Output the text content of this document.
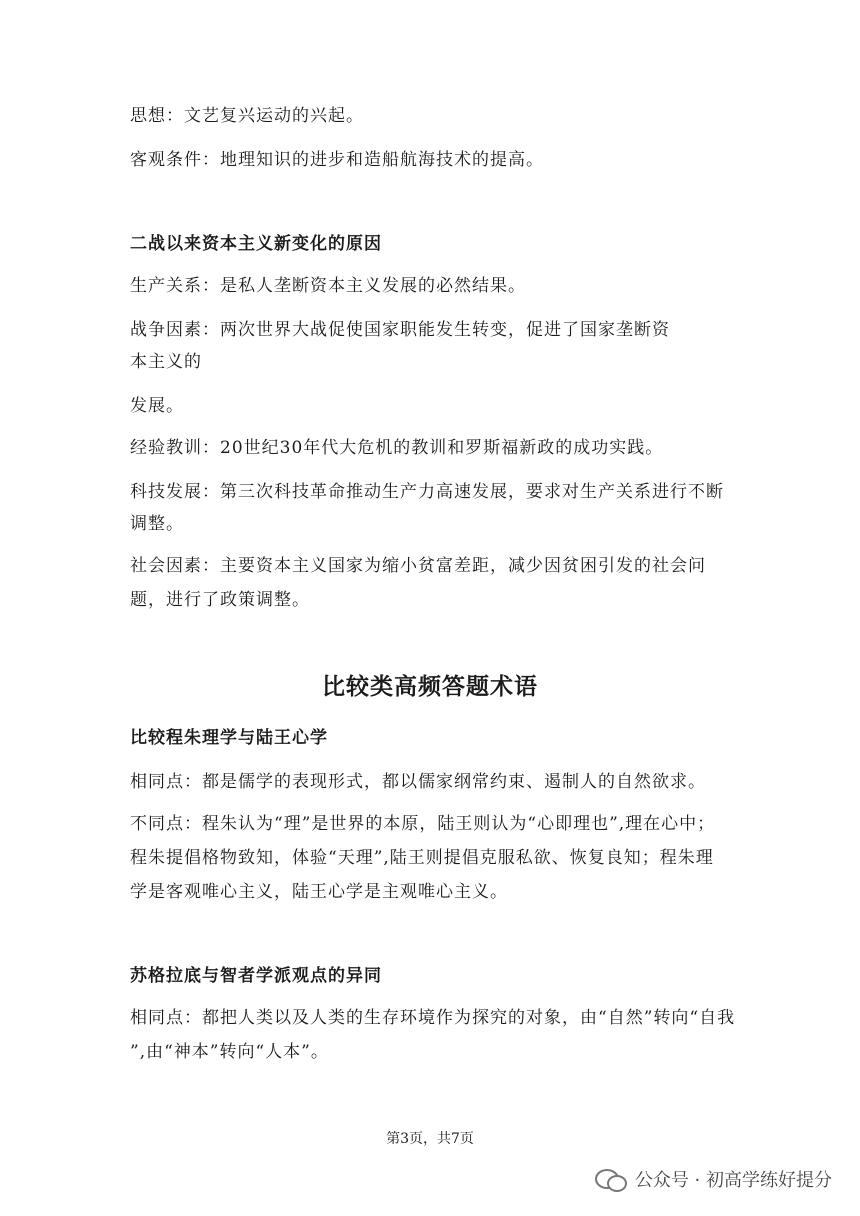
思想：文艺复兴运动的兴起。
客观条件：地理知识的进步和造船航海技术的提高。
二战以来资本主义新变化的原因
生产关系：是私人垄断资本主义发展的必然结果。
战争因素：两次世界大战促使国家职能发生转变，促进了国家垄断资
本主义的
发展。
经验教训：20世纪30年代大危机的教训和罗斯福新政的成功实践。
科技发展：第三次科技革命推动生产力高速发展，要求对生产关系进行不断
调整。
社会因素：主要资本主义国家为缩小贫富差距，减少因贫困引发的社会问
题，进行了政策调整。
比较类高频答题术语
比较程朱理学与陆王心学
相同点：都是儒学的表现形式，都以儒家纲常约束、遏制人的自然欲求。
不同点：程朱认为“理”是世界的本原，陆王则认为“心即理也”,理在心中；
程朱提倡格物致知，体验“天理”,陆王则提倡克服私欲、恢复良知；程朱理
学是客观唯心主义，陆王心学是主观唯心主义。
苏格拉底与智者学派观点的异同
相同点：都把人类以及人类的生存环境作为探究的对象，由“自然”转向“自我
”,由“神本”转向“人本”。
第3页，共7页
公众号 · 初高学练好提分
